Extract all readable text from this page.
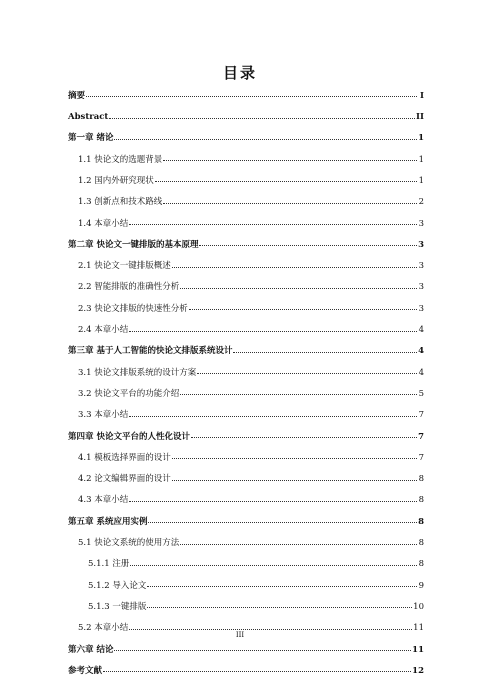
目录
摘要	I
Abstract	II
第一章 绪论	1
1.1 快论文的选题背景	1
1.2 国内外研究现状	1
1.3 创新点和技术路线	2
1.4 本章小结	3
第二章 快论文一键排版的基本原理	3
2.1 快论文一键排版概述	3
2.2 智能排版的准确性分析	3
2.3 快论文排版的快速性分析	3
2.4 本章小结	4
第三章 基于人工智能的快论文排版系统设计	4
3.1 快论文排版系统的设计方案	4
3.2 快论文平台的功能介绍	5
3.3 本章小结	7
第四章 快论文平台的人性化设计	7
4.1 模板选择界面的设计	7
4.2 论文编辑界面的设计	8
4.3 本章小结	8
第五章 系统应用实例	8
5.1 快论文系统的使用方法	8
5.1.1 注册	8
5.1.2 导入论文	9
5.1.3 一键排版	10
5.2 本章小结	11
第六章 结论	11
参考文献	12
III
